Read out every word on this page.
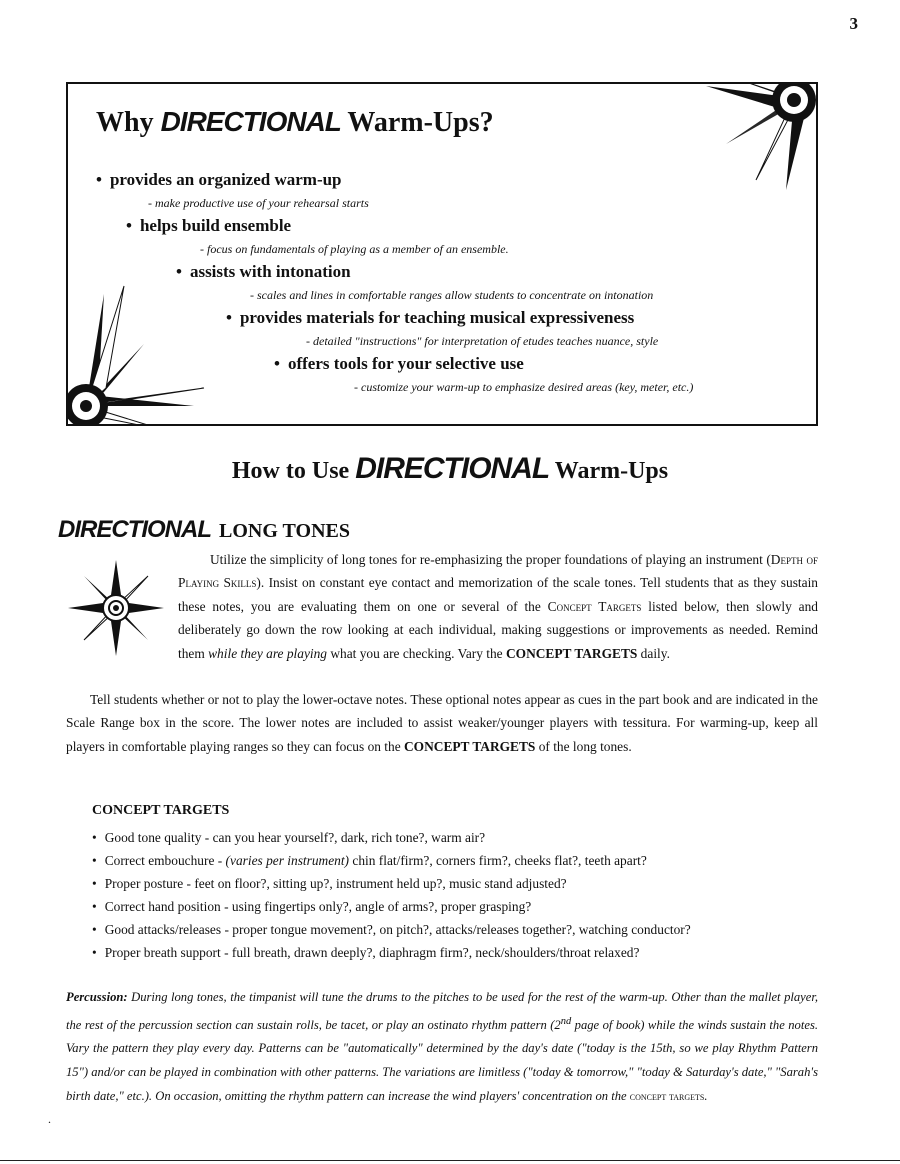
3
Why DIRECTIONAL Warm-Ups?
• provides an organized warm-up
- make productive use of your rehearsal starts
• helps build ensemble
- focus on fundamentals of playing as a member of an ensemble.
• assists with intonation
- scales and lines in comfortable ranges allow students to concentrate on intonation
• provides materials for teaching musical expressiveness
- detailed "instructions" for interpretation of etudes teaches nuance, style
• offers tools for your selective use
- customize your warm-up to emphasize desired areas (key, meter, etc.)
How to Use DIRECTIONAL Warm-Ups
DIRECTIONAL LONG TONES
Utilize the simplicity of long tones for re-emphasizing the proper foundations of playing an instrument (Depth of Playing Skills). Insist on constant eye contact and memorization of the scale tones. Tell students that as they sustain these notes, you are evaluating them on one or several of the Concept Targets listed below, then slowly and deliberately go down the row looking at each individual, making suggestions or improvements as needed. Remind them while they are playing what you are checking. Vary the CONCEPT TARGETS daily.
Tell students whether or not to play the lower-octave notes. These optional notes appear as cues in the part book and are indicated in the Scale Range box in the score. The lower notes are included to assist weaker/younger players with tessitura. For warming-up, keep all players in comfortable playing ranges so they can focus on the CONCEPT TARGETS of the long tones.
CONCEPT TARGETS
• Good tone quality - can you hear yourself?, dark, rich tone?, warm air?
• Correct embouchure - (varies per instrument) chin flat/firm?, corners firm?, cheeks flat?, teeth apart?
• Proper posture - feet on floor?, sitting up?, instrument held up?, music stand adjusted?
• Correct hand position - using fingertips only?, angle of arms?, proper grasping?
• Good attacks/releases - proper tongue movement?, on pitch?, attacks/releases together?, watching conductor?
• Proper breath support - full breath, drawn deeply?, diaphragm firm?, neck/shoulders/throat relaxed?
Percussion: During long tones, the timpanist will tune the drums to the pitches to be used for the rest of the warm-up. Other than the mallet player, the rest of the percussion section can sustain rolls, be tacet, or play an ostinato rhythm pattern (2nd page of book) while the winds sustain the notes. Vary the pattern they play every day. Patterns can be "automatically" determined by the day's date ("today is the 15th, so we play Rhythm Pattern 15") and/or can be played in combination with other patterns. The variations are limitless ("today & tomorrow," "today & Saturday's date," "Sarah's birth date," etc.). On occasion, omitting the rhythm pattern can increase the wind players' concentration on the concept targets.
.
